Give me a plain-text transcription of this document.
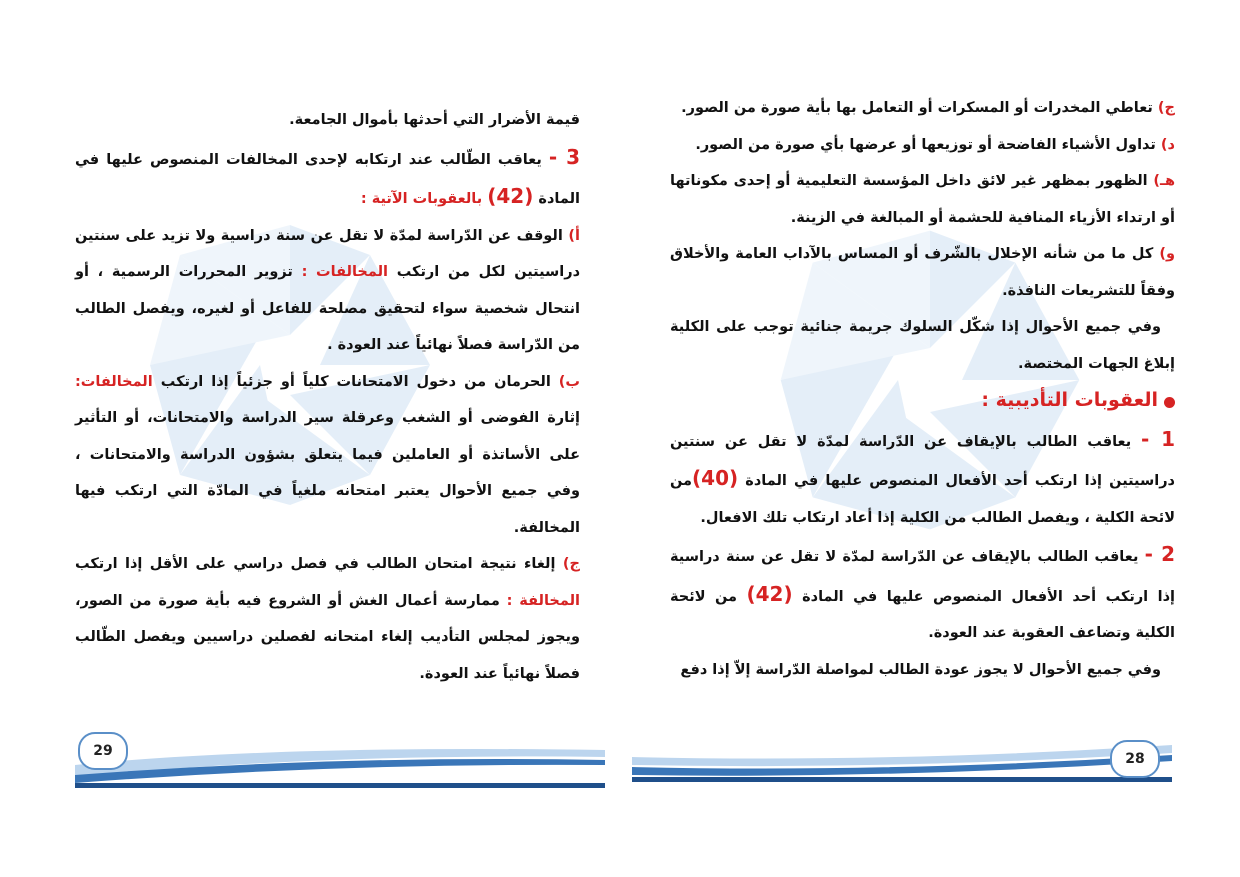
قيمة الأضرار التي أحدثها بأموال الجامعة.

3 - يعاقب الطّالب عند ارتكابه لإحدى المخالفات المنصوص عليها في المادة (42) بالعقوبات الآتية :

أ) الوقف عن الدّراسة لمدّة لا تقل عن سنة دراسية ولا تزيد على سنتين دراسيتين لكل من ارتكب المخالفات : تزوير المحررات الرسمية ، أو انتحال شخصية سواء لتحقيق مصلحة للفاعل أو لغيره، ويفصل الطالب من الدّراسة فصلاً نهائياً عند العودة .

ب) الحرمان من دخول الامتحانات كلياً أو جزئياً إذا ارتكب المخالفات: إثارة الفوضى أو الشغب وعرقلة سير الدراسة والامتحانات، أو التأثير على الأساتذة أو العاملين فيما يتعلق بشؤون الدراسة والامتحانات ، وفي جميع الأحوال يعتبر امتحانه ملغياً في المادّة التي ارتكب فيها المخالفة.

ج) إلغاء نتيجة امتحان الطالب في فصل دراسي على الأقل إذا ارتكب المخالفة : ممارسة أعمال الغش أو الشروع فيه بأية صورة من الصور، ويجوز لمجلس التأديب إلغاء امتحانه لفصلين دراسيين ويفصل الطّالب فصلاً نهائياً عند العودة.

29

ج) تعاطي المخدرات أو المسكرات أو التعامل بها بأية صورة من الصور.

د) تداول الأشياء الفاضحة أو توزيعها أو عرضها بأي صورة من الصور.

هـ) الظهور بمظهر غير لائق داخل المؤسسة التعليمية أو إحدى مكوناتها أو ارتداء الأزياء المنافية للحشمة أو المبالغة في الزينة.

و) كل ما من شأنه الإخلال بالشّرف أو المساس بالآداب العامة والأخلاق وفقاً للتشريعات النافذة.

وفي جميع الأحوال إذا شكّل السلوك جريمة جنائية توجب على الكلية إبلاغ الجهات المختصة.

العقوبات التأديبية :

1 - يعاقب الطالب بالإيقاف عن الدّراسة لمدّة لا تقل عن سنتين دراسيتين إذا ارتكب أحد الأفعال المنصوص عليها في المادة (40)من لائحة الكلية ، ويفصل الطالب من الكلية إذا أعاد ارتكاب تلك الافعال.

2 - يعاقب الطالب بالإيقاف عن الدّراسة لمدّة لا تقل عن سنة دراسية إذا ارتكب أحد الأفعال المنصوص عليها في المادة (42) من لائحة الكلية وتضاعف العقوبة عند العودة.

وفي جميع الأحوال لا يجوز عودة الطالب لمواصلة الدّراسة إلاّ إذا دفع

28
